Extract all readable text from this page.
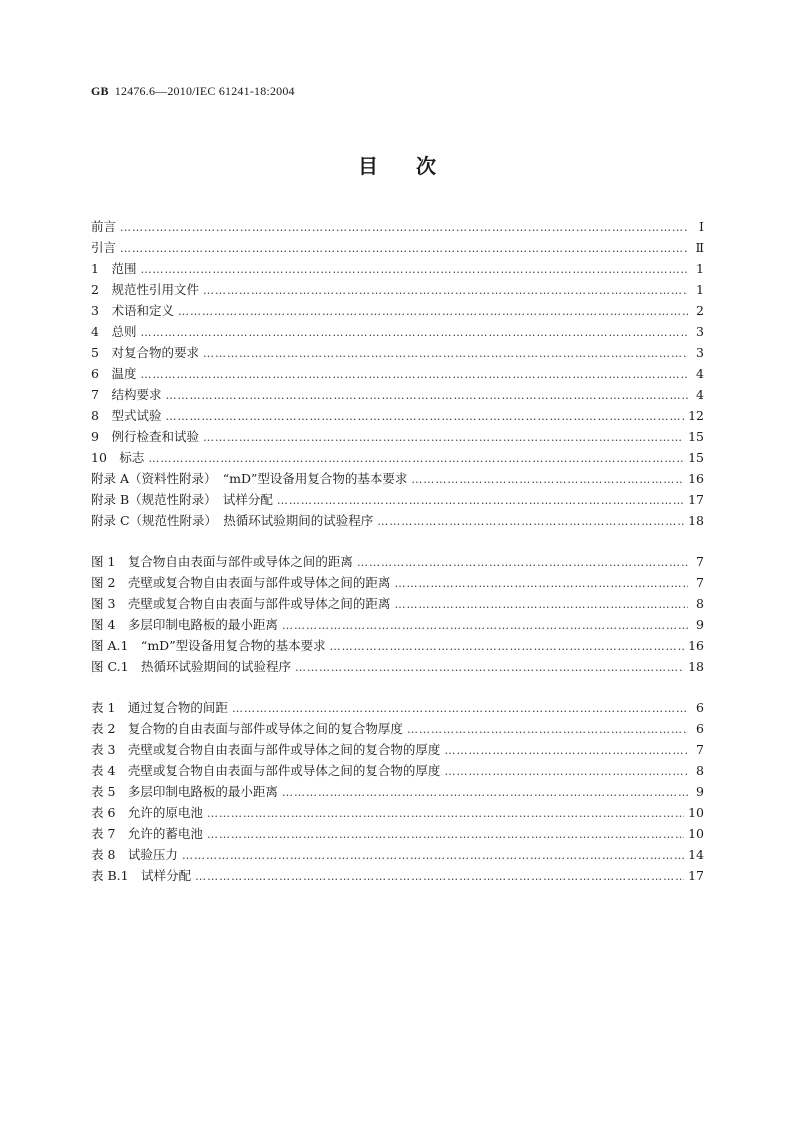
GB 12476.6—2010/IEC 61241-18:2004
目次
前言 …………………………………………………………………………………………………………………………………………………………………	Ⅰ
引言 …………………………………………………………………………………………………………………………………………………………………	Ⅱ
1　范围 …………………………………………………………………………………………………………………………………………………………………	1
2　规范性引用文件 …………………………………………………………………………………………………………………………………………………………………	1
3　术语和定义 …………………………………………………………………………………………………………………………………………………………………	2
4　总则 …………………………………………………………………………………………………………………………………………………………………	3
5　对复合物的要求 …………………………………………………………………………………………………………………………………………………………………	3
6　温度 …………………………………………………………………………………………………………………………………………………………………	4
7　结构要求 …………………………………………………………………………………………………………………………………………………………………	4
8　型式试验 …………………………………………………………………………………………………………………………………………………………………	12
9　例行检查和试验 …………………………………………………………………………………………………………………………………………………………………	15
10　标志 …………………………………………………………………………………………………………………………………………………………………	15
附录 A（资料性附录）　“mD”型设备用复合物的基本要求 …………………………………………………………………………………………………………………………………………………………………	16
附录 B（规范性附录）　试样分配 …………………………………………………………………………………………………………………………………………………………………	17
附录 C（规范性附录）　热循环试验期间的试验程序 …………………………………………………………………………………………………………………………………………………………………	18
图 1　复合物自由表面与部件或导体之间的距离 …………………………………………………………………………………………………………………………………………………………………	7
图 2　壳壁或复合物自由表面与部件或导体之间的距离 …………………………………………………………………………………………………………………………………………………………………	7
图 3　壳壁或复合物自由表面与部件或导体之间的距离 …………………………………………………………………………………………………………………………………………………………………	8
图 4　多层印制电路板的最小距离 …………………………………………………………………………………………………………………………………………………………………	9
图 A.1　“mD”型设备用复合物的基本要求 …………………………………………………………………………………………………………………………………………………………………	16
图 C.1　热循环试验期间的试验程序 …………………………………………………………………………………………………………………………………………………………………	18
表 1　通过复合物的间距 …………………………………………………………………………………………………………………………………………………………………	6
表 2　复合物的自由表面与部件或导体之间的复合物厚度 …………………………………………………………………………………………………………………………………………………………………	6
表 3　壳壁或复合物自由表面与部件或导体之间的复合物的厚度 …………………………………………………………………………………………………………………………………………………………………	7
表 4　壳壁或复合物自由表面与部件或导体之间的复合物的厚度 …………………………………………………………………………………………………………………………………………………………………	8
表 5　多层印制电路板的最小距离 …………………………………………………………………………………………………………………………………………………………………	9
表 6　允许的原电池 …………………………………………………………………………………………………………………………………………………………………	10
表 7　允许的蓄电池 …………………………………………………………………………………………………………………………………………………………………	10
表 8　试验压力 …………………………………………………………………………………………………………………………………………………………………	14
表 B.1　试样分配 …………………………………………………………………………………………………………………………………………………………………	17
